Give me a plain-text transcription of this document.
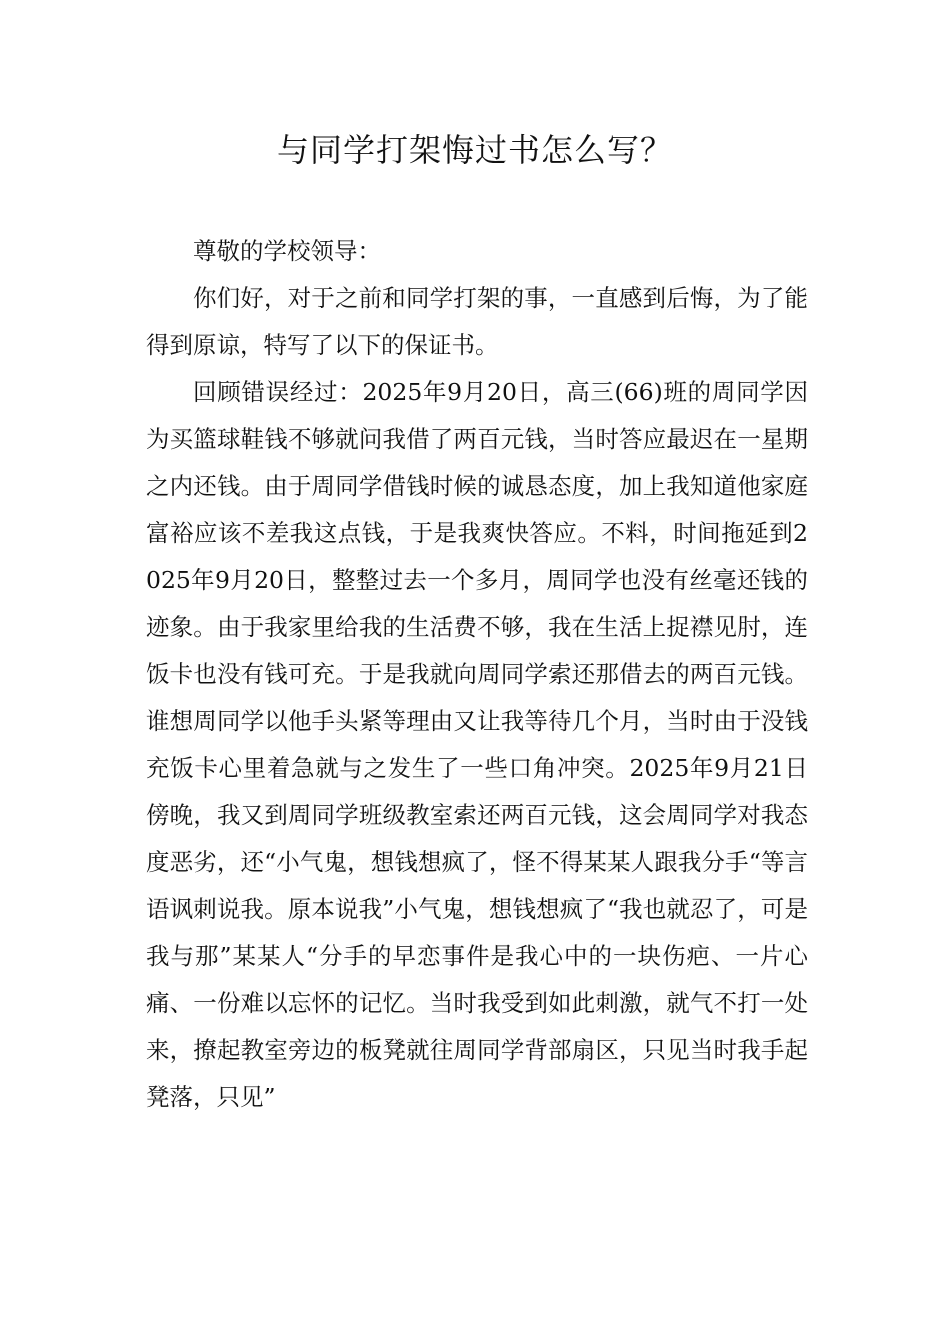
与同学打架悔过书怎么写？

尊敬的学校领导：

你们好，对于之前和同学打架的事，一直感到后悔，为了能得到原谅，特写了以下的保证书。

回顾错误经过：2025年9月20日，高三(66)班的周同学因为买篮球鞋钱不够就问我借了两百元钱，当时答应最迟在一星期之内还钱。由于周同学借钱时候的诚恳态度，加上我知道他家庭富裕应该不差我这点钱，于是我爽快答应。不料，时间拖延到2025年9月20日，整整过去一个多月，周同学也没有丝毫还钱的迹象。由于我家里给我的生活费不够，我在生活上捉襟见肘，连饭卡也没有钱可充。于是我就向周同学索还那借去的两百元钱。谁想周同学以他手头紧等理由又让我等待几个月，当时由于没钱充饭卡心里着急就与之发生了一些口角冲突。2025年9月21日傍晚，我又到周同学班级教室索还两百元钱，这会周同学对我态度恶劣，还“小气鬼，想钱想疯了，怪不得某某人跟我分手“等言语讽刺说我。原本说我”小气鬼，想钱想疯了“我也就忍了，可是我与那”某某人“分手的早恋事件是我心中的一块伤疤、一片心痛、一份难以忘怀的记忆。当时我受到如此刺激，就气不打一处来，撩起教室旁边的板凳就往周同学背部扇区，只见当时我手起凳落，只见”
